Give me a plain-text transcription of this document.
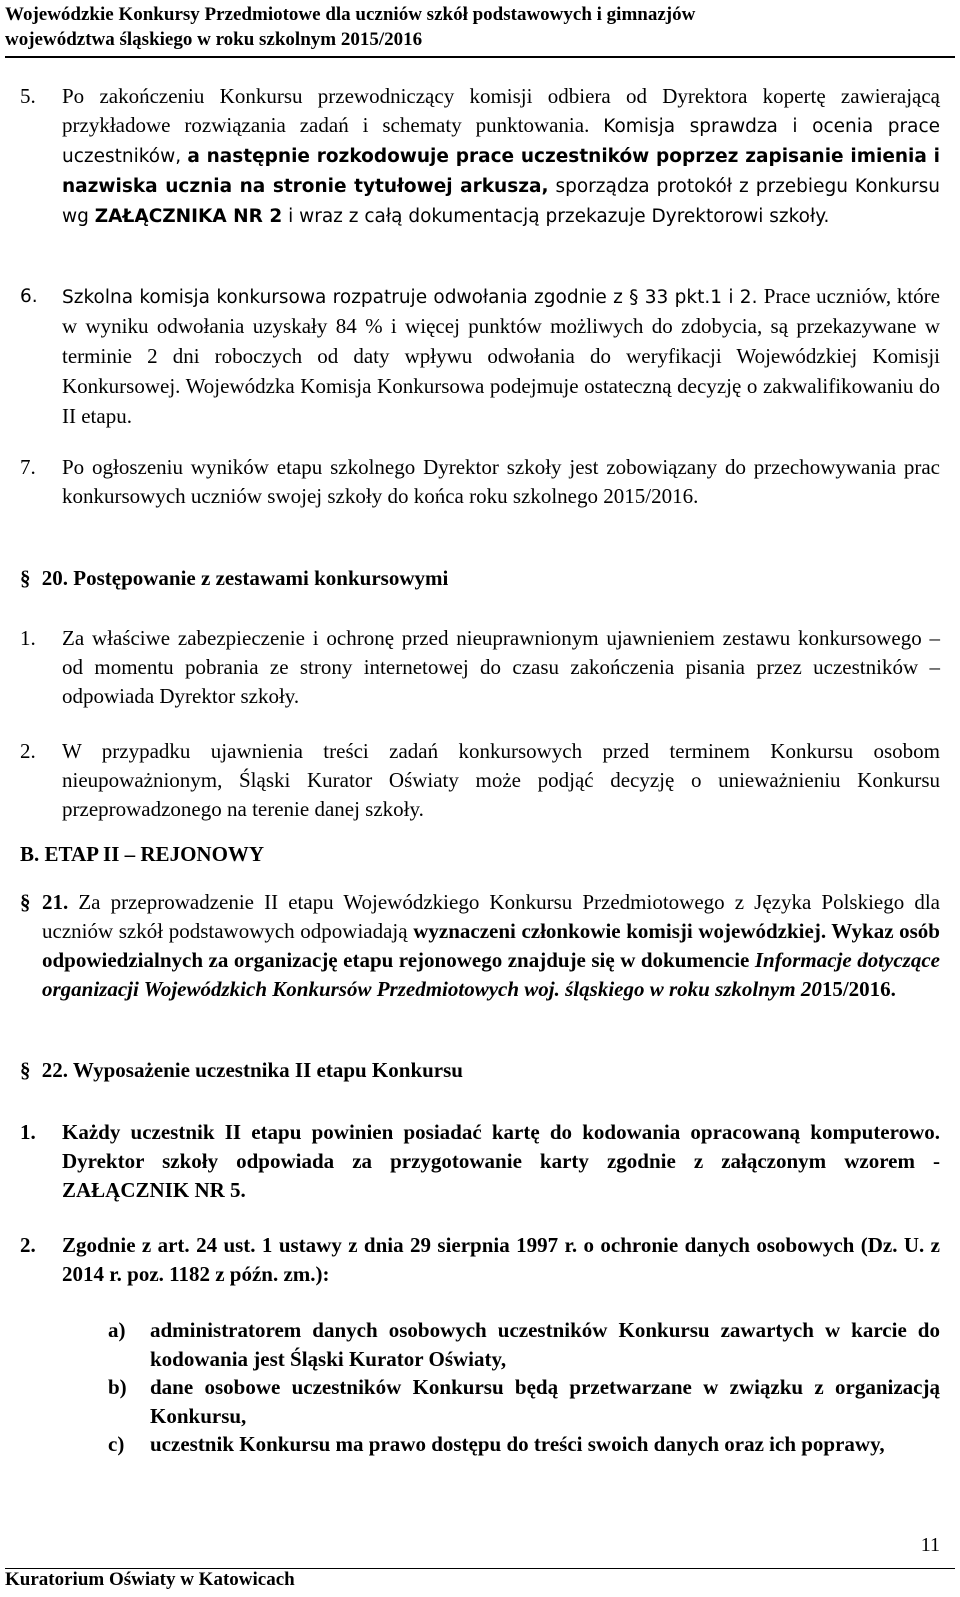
Wojewódzkie Konkursy Przedmiotowe dla uczniów szkół podstawowych i gimnazjów
województwa śląskiego w roku szkolnym 2015/2016
5. Po zakończeniu Konkursu przewodniczący komisji odbiera od Dyrektora kopertę zawierającą przykładowe rozwiązania zadań i schematy punktowania. Komisja sprawdza i ocenia prace uczestników, a następnie rozkodowuje prace uczestników poprzez zapisanie imienia i nazwiska ucznia na stronie tytułowej arkusza, sporządza protokół z przebiegu Konkursu wg ZAŁĄCZNIKA NR 2 i wraz z całą dokumentacją przekazuje Dyrektorowi szkoły.
6. Szkolna komisja konkursowa rozpatruje odwołania zgodnie z § 33 pkt.1 i 2. Prace uczniów, które w wyniku odwołania uzyskały 84 % i więcej punktów możliwych do zdobycia, są przekazywane w terminie 2 dni roboczych od daty wpływu odwołania do weryfikacji Wojewódzkiej Komisji Konkursowej. Wojewódzka Komisja Konkursowa podejmuje ostateczną decyzję o zakwalifikowaniu do II etapu.
7. Po ogłoszeniu wyników etapu szkolnego Dyrektor szkoły jest zobowiązany do przechowywania prac konkursowych uczniów swojej szkoły do końca roku szkolnego 2015/2016.
§ 20. Postępowanie z zestawami konkursowymi
1. Za właściwe zabezpieczenie i ochronę przed nieuprawnionym ujawnieniem zestawu konkursowego – od momentu pobrania ze strony internetowej do czasu zakończenia pisania przez uczestników – odpowiada Dyrektor szkoły.
2. W przypadku ujawnienia treści zadań konkursowych przed terminem Konkursu osobom nieupoważnionym, Śląski Kurator Oświaty może podjąć decyzję o unieważnieniu Konkursu przeprowadzonego na terenie danej szkoły.
B. ETAP II – REJONOWY
§ 21. Za przeprowadzenie II etapu Wojewódzkiego Konkursu Przedmiotowego z Języka Polskiego dla uczniów szkół podstawowych odpowiadają wyznaczeni członkowie komisji wojewódzkiej. Wykaz osób odpowiedzialnych za organizację etapu rejonowego znajduje się w dokumencie Informacje dotyczące organizacji Wojewódzkich Konkursów Przedmiotowych woj. śląskiego w roku szkolnym 2015/2016.
§ 22. Wyposażenie uczestnika II etapu Konkursu
1. Każdy uczestnik II etapu powinien posiadać kartę do kodowania opracowaną komputerowo. Dyrektor szkoły odpowiada za przygotowanie karty zgodnie z załączonym wzorem - ZAŁĄCZNIK NR 5.
2. Zgodnie z art. 24 ust. 1 ustawy z dnia 29 sierpnia 1997 r. o ochronie danych osobowych (Dz. U. z 2014 r. poz. 1182 z późn. zm.):
a) administratorem danych osobowych uczestników Konkursu zawartych w karcie do kodowania jest Śląski Kurator Oświaty,
b) dane osobowe uczestników Konkursu będą przetwarzane w związku z organizacją Konkursu,
c) uczestnik Konkursu ma prawo dostępu do treści swoich danych oraz ich poprawy,
11
Kuratorium Oświaty w Katowicach
